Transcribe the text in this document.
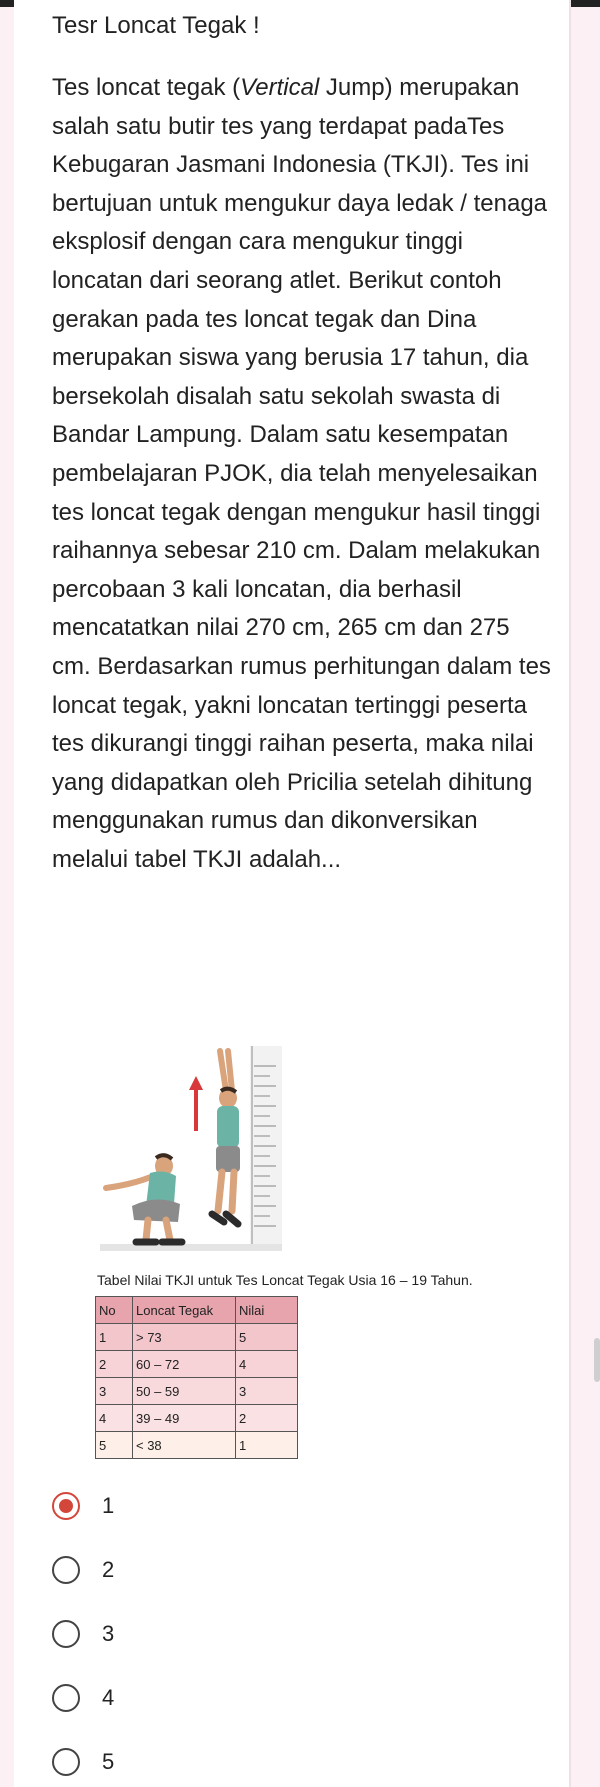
Tesr Loncat Tegak !
Tes loncat tegak (Vertical Jump) merupakan salah satu butir tes yang terdapat padaTes Kebugaran Jasmani Indonesia (TKJI). Tes ini bertujuan untuk mengukur daya ledak / tenaga eksplosif dengan cara mengukur tinggi loncatan dari seorang atlet. Berikut contoh gerakan pada tes loncat tegak dan Dina merupakan siswa yang berusia 17 tahun, dia bersekolah disalah satu sekolah swasta di Bandar Lampung. Dalam satu kesempatan pembelajaran PJOK, dia telah menyelesaikan tes loncat tegak dengan mengukur hasil tinggi raihannya sebesar 210 cm. Dalam melakukan percobaan 3 kali loncatan, dia berhasil mencatatkan nilai 270 cm, 265 cm dan 275 cm. Berdasarkan rumus perhitungan dalam tes loncat tegak, yakni loncatan tertinggi peserta tes dikurangi tinggi raihan peserta, maka nilai yang didapatkan oleh Pricilia setelah dihitung menggunakan rumus dan dikonversikan melalui tabel TKJI adalah...
Tabel Nilai TKJI untuk Tes Loncat Tegak Usia 16 – 19 Tahun.
No	Loncat Tegak	Nilai
1	> 73	5
2	60 – 72	4
3	50 – 59	3
4	39 – 49	2
5	< 38	1
1
2
3
4
5
